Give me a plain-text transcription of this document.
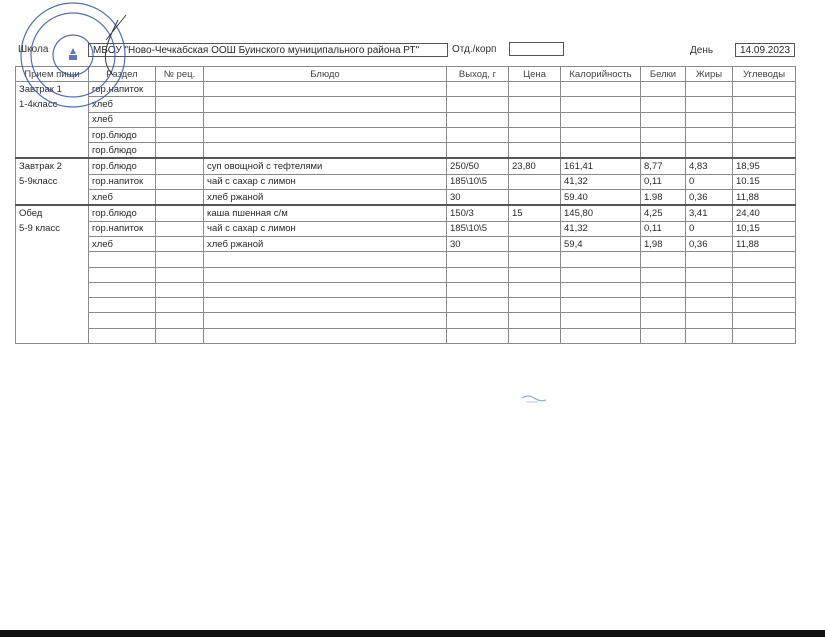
Школа	МБОУ "Ново-Чечкабская ООШ Буинского муниципального района РТ"	Отд./корп	День	14.09.2023
Прием пищи	Раздел	№ рец.	Блюдо	Выход, г	Цена	Калорийность	Белки	Жиры	Углеводы
Завтрак 1
1-4класс	гор.напиток								
	хлеб								
	хлеб								
	гор.блюдо								
	гор.блюдо								
Завтрак 2
5-9класс	гор.блюдо		суп овощной с тефтелями	250/50	23,80	161,41	8,77	4,83	18,95
	гор.напиток		чай с сахар с лимон	185\10\5		41,32	0,11	0	10.15
	хлеб		хлеб ржаной	30		59.40	1.98	0,36	11,88
Обед
5-9 класс	гор.блюдо		каша пшенная с/м	150/3	15	145,80	4,25	3,41	24,40
	гор.напиток		чай с сахар с лимон	185\10\5		41,32	0,11	0	10,15
	хлеб		хлеб ржаной	30		59,4	1,98	0,36	11,88
